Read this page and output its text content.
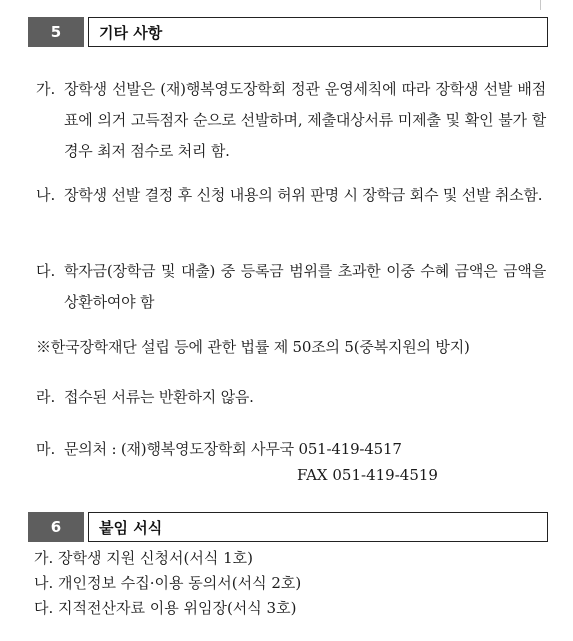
5	기타 사항
가. 장학생 선발은 (재)행복영도장학회 정관 운영세칙에 따라 장학생 선발 배점표에 의거 고득점자 순으로 선발하며, 제출대상서류 미제출 및 확인 불가 할 경우 최저 점수로 처리 함.
나. 장학생 선발 결정 후 신청 내용의 허위 판명 시 장학금 회수 및 선발 취소함.
다. 학자금(장학금 및 대출) 중 등록금 범위를 초과한 이중 수혜 금액은 금액을 상환하여야 함
※한국장학재단 설립 등에 관한 법률 제 50조의 5(중복지원의 방지)
라. 접수된 서류는 반환하지 않음.
마. 문의처 : (재)행복영도장학회 사무국 051-419-4517
FAX 051-419-4519
6	붙임 서식
가. 장학생 지원 신청서(서식 1호)
나. 개인정보 수집·이용 동의서(서식 2호)
다. 지적전산자료 이용 위임장(서식 3호)
